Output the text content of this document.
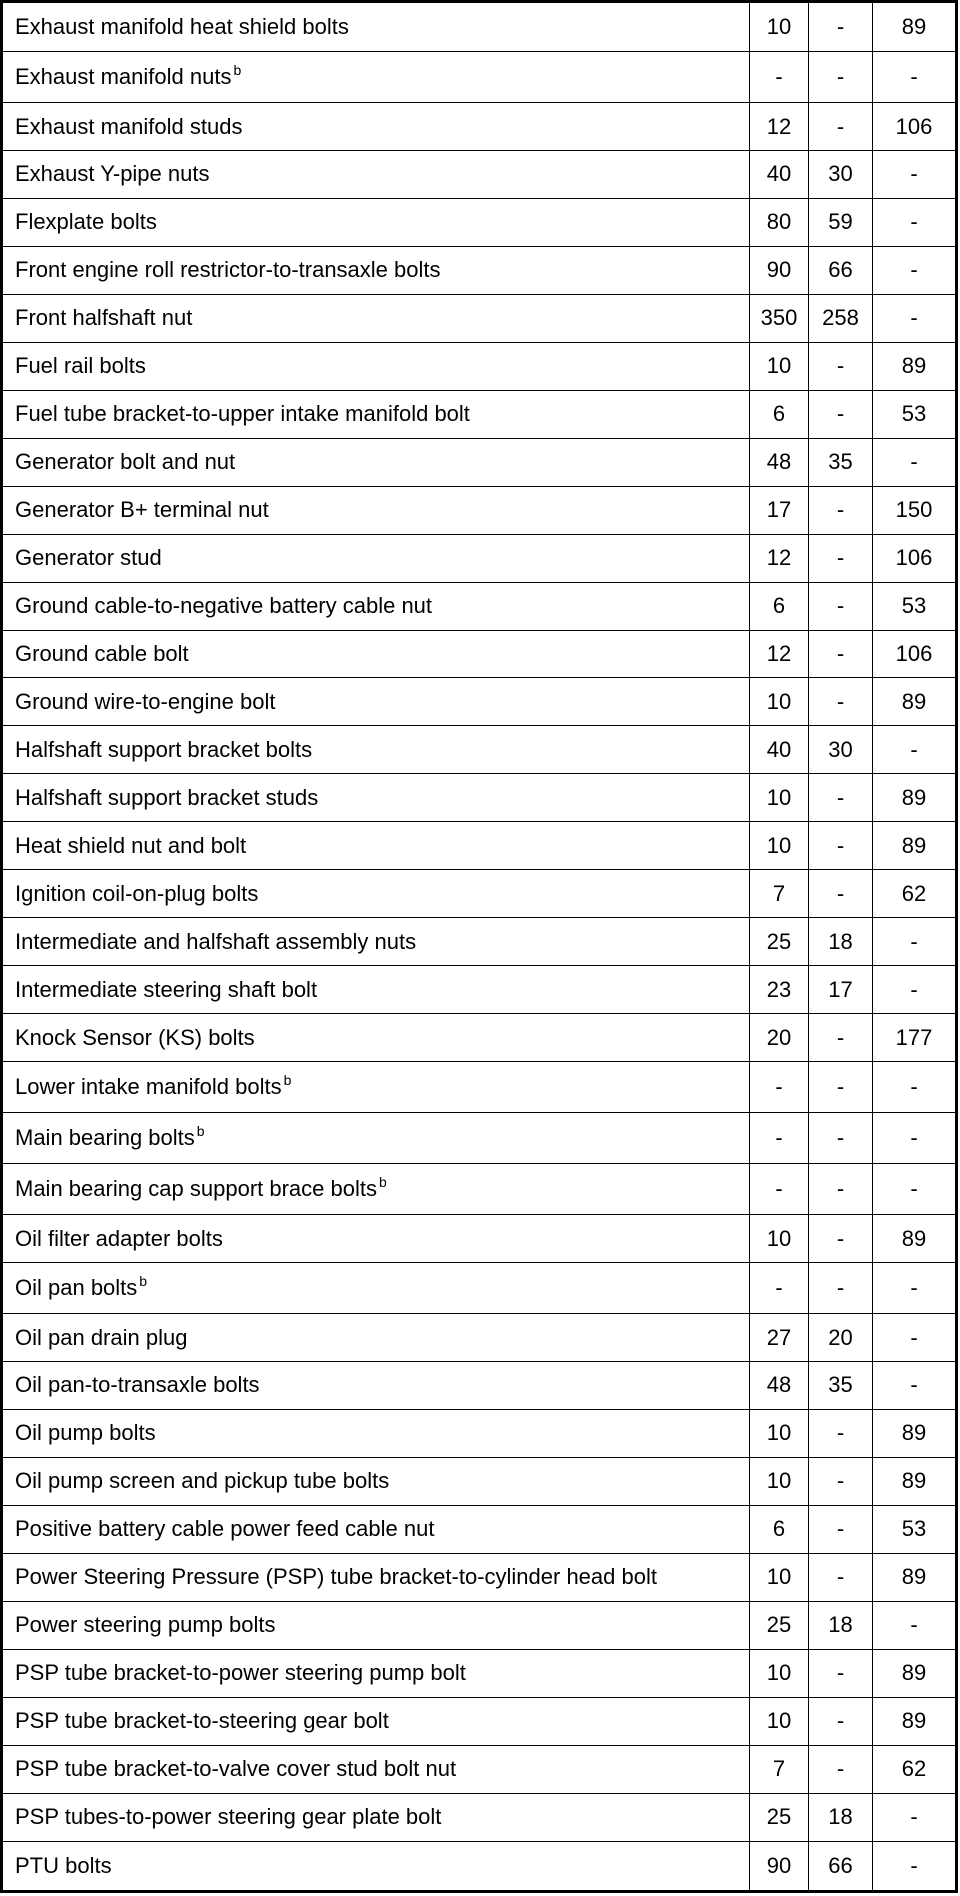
Exhaust manifold heat shield bolts	10	-	89
Exhaust manifold nuts $^b$	-	-	-
Exhaust manifold studs	12	-	106
Exhaust Y-pipe nuts	40	30	-
Flexplate bolts	80	59	-
Front engine roll restrictor-to-transaxle bolts	90	66	-
Front halfshaft nut	350	258	-
Fuel rail bolts	10	-	89
Fuel tube bracket-to-upper intake manifold bolt	6	-	53
Generator bolt and nut	48	35	-
Generator B+ terminal nut	17	-	150
Generator stud	12	-	106
Ground cable-to-negative battery cable nut	6	-	53
Ground cable bolt	12	-	106
Ground wire-to-engine bolt	10	-	89
Halfshaft support bracket bolts	40	30	-
Halfshaft support bracket studs	10	-	89
Heat shield nut and bolt	10	-	89
Ignition coil-on-plug bolts	7	-	62
Intermediate and halfshaft assembly nuts	25	18	-
Intermediate steering shaft bolt	23	17	-
Knock Sensor (KS) bolts	20	-	177
Lower intake manifold bolts $^b$	-	-	-
Main bearing bolts $^b$	-	-	-
Main bearing cap support brace bolts $^b$	-	-	-
Oil filter adapter bolts	10	-	89
Oil pan bolts $^b$	-	-	-
Oil pan drain plug	27	20	-
Oil pan-to-transaxle bolts	48	35	-
Oil pump bolts	10	-	89
Oil pump screen and pickup tube bolts	10	-	89
Positive battery cable power feed cable nut	6	-	53
Power Steering Pressure (PSP) tube bracket-to-cylinder head bolt	10	-	89
Power steering pump bolts	25	18	-
PSP tube bracket-to-power steering pump bolt	10	-	89
PSP tube bracket-to-steering gear bolt	10	-	89
PSP tube bracket-to-valve cover stud bolt nut	7	-	62
PSP tubes-to-power steering gear plate bolt	25	18	-
PTU bolts	90	66	-
